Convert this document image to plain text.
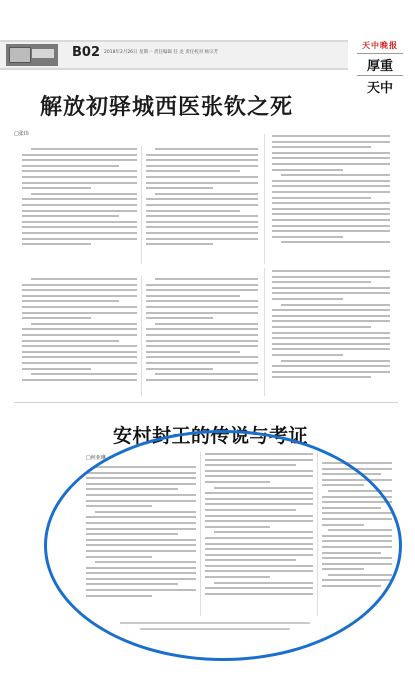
B02 2018年2月26日 星期一 责任编辑 任 龙 责任校对 杨宗芳
天中晚报
厚重
天中
解放初驿城西医张钦之死
□张玮
安村封王的传说与考证
□何亚琳
